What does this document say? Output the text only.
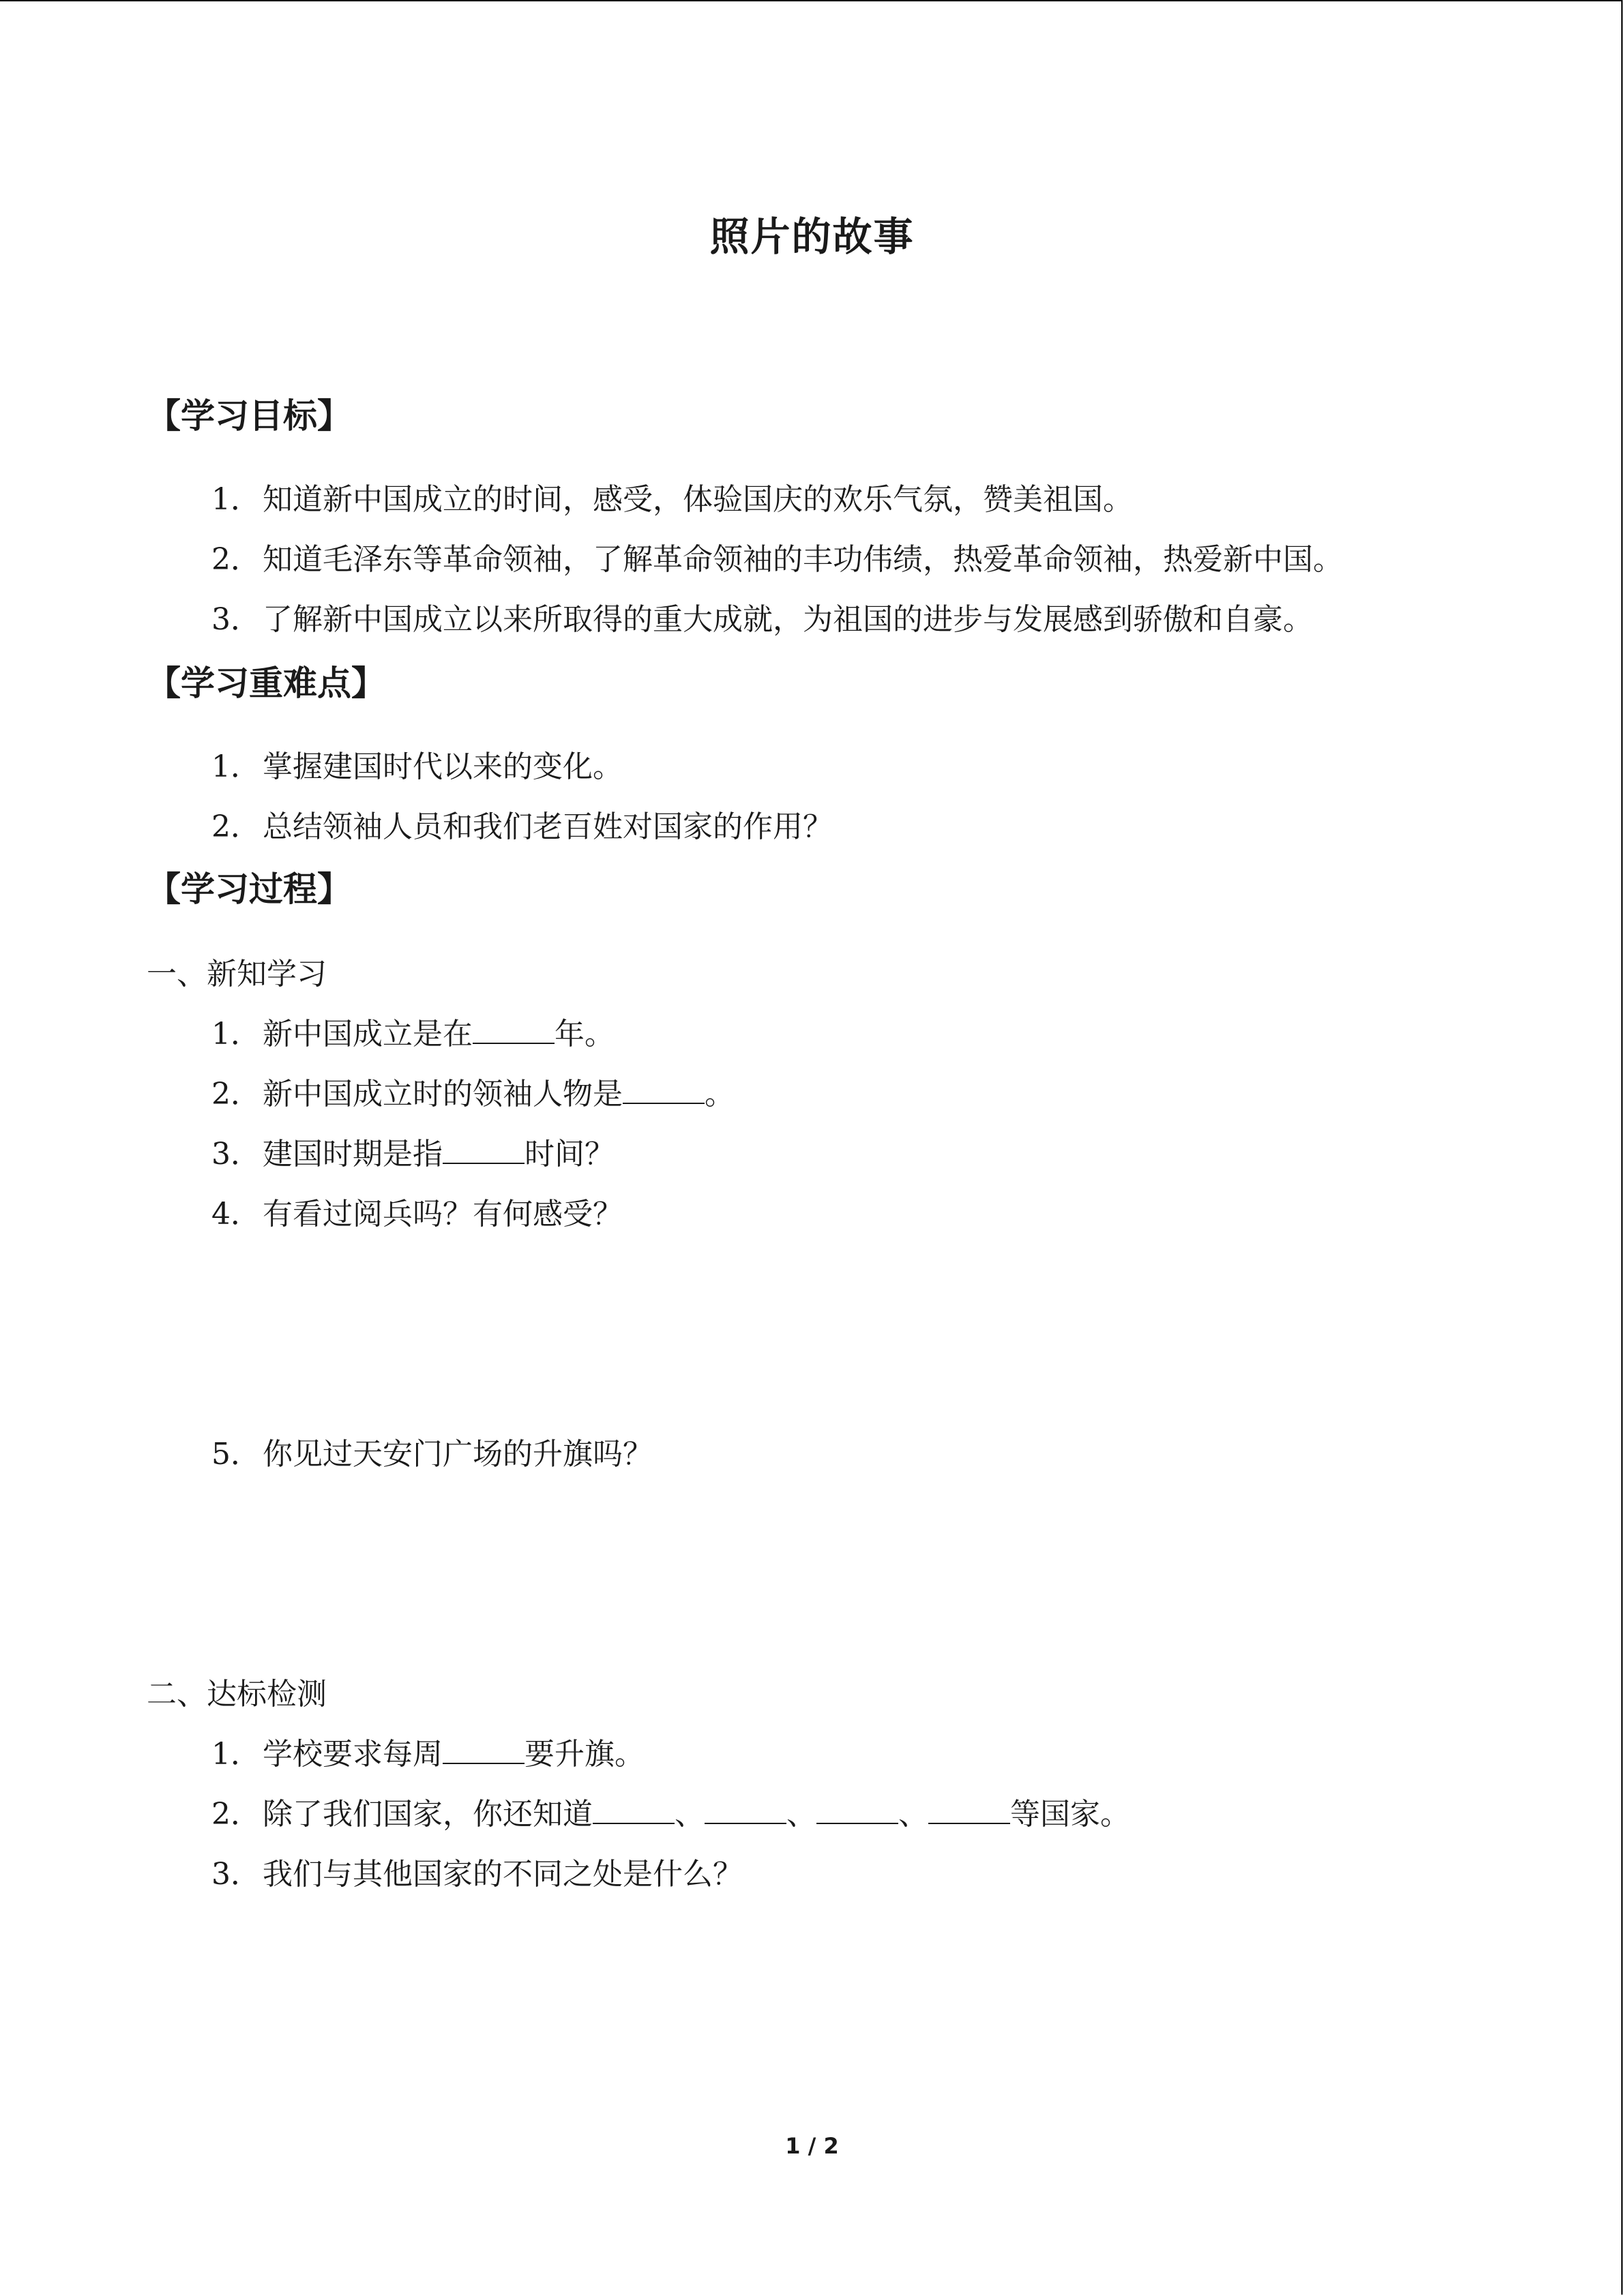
照片的故事
【学习目标】
1．知道新中国成立的时间，感受，体验国庆的欢乐气氛，赞美祖国。
2．知道毛泽东等革命领袖，了解革命领袖的丰功伟绩，热爱革命领袖，热爱新中国。
3．了解新中国成立以来所取得的重大成就，为祖国的进步与发展感到骄傲和自豪。
【学习重难点】
1．掌握建国时代以来的变化。
2．总结领袖人员和我们老百姓对国家的作用？
【学习过程】
一、新知学习
1．新中国成立是在	年。
2．新中国成立时的领袖人物是	。
3．建国时期是指	时间？
4．有看过阅兵吗？有何感受？
5．你见过天安门广场的升旗吗？
二、达标检测
1．学校要求每周	要升旗。
2．除了我们国家，你还知道	、	、	、	等国家。
3．我们与其他国家的不同之处是什么？
1 / 2
